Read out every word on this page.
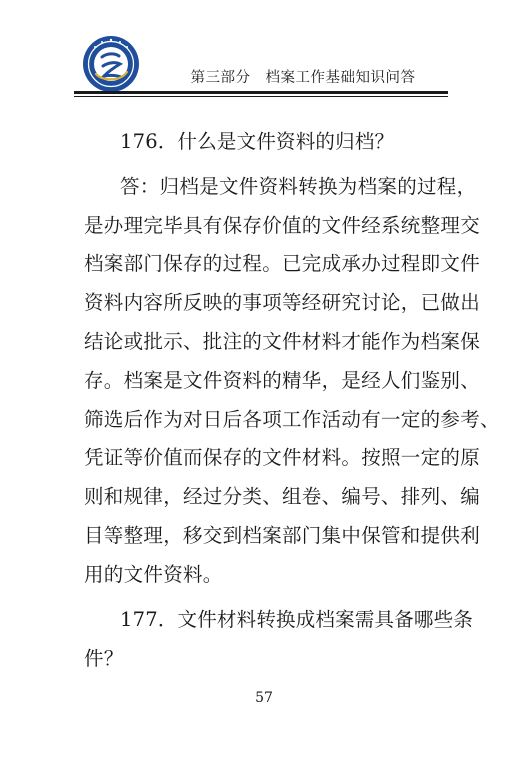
第三部分　档案工作基础知识问答
176．什么是文件资料的归档？
答：归档是文件资料转换为档案的过程，
是办理完毕具有保存价值的文件经系统整理交
档案部门保存的过程。已完成承办过程即文件
资料内容所反映的事项等经研究讨论，已做出
结论或批示、批注的文件材料才能作为档案保
存。档案是文件资料的精华，是经人们鉴别、
筛选后作为对日后各项工作活动有一定的参考、
凭证等价值而保存的文件材料。按照一定的原
则和规律，经过分类、组卷、编号、排列、编
目等整理，移交到档案部门集中保管和提供利
用的文件资料。
177．文件材料转换成档案需具备哪些条
件？
57
